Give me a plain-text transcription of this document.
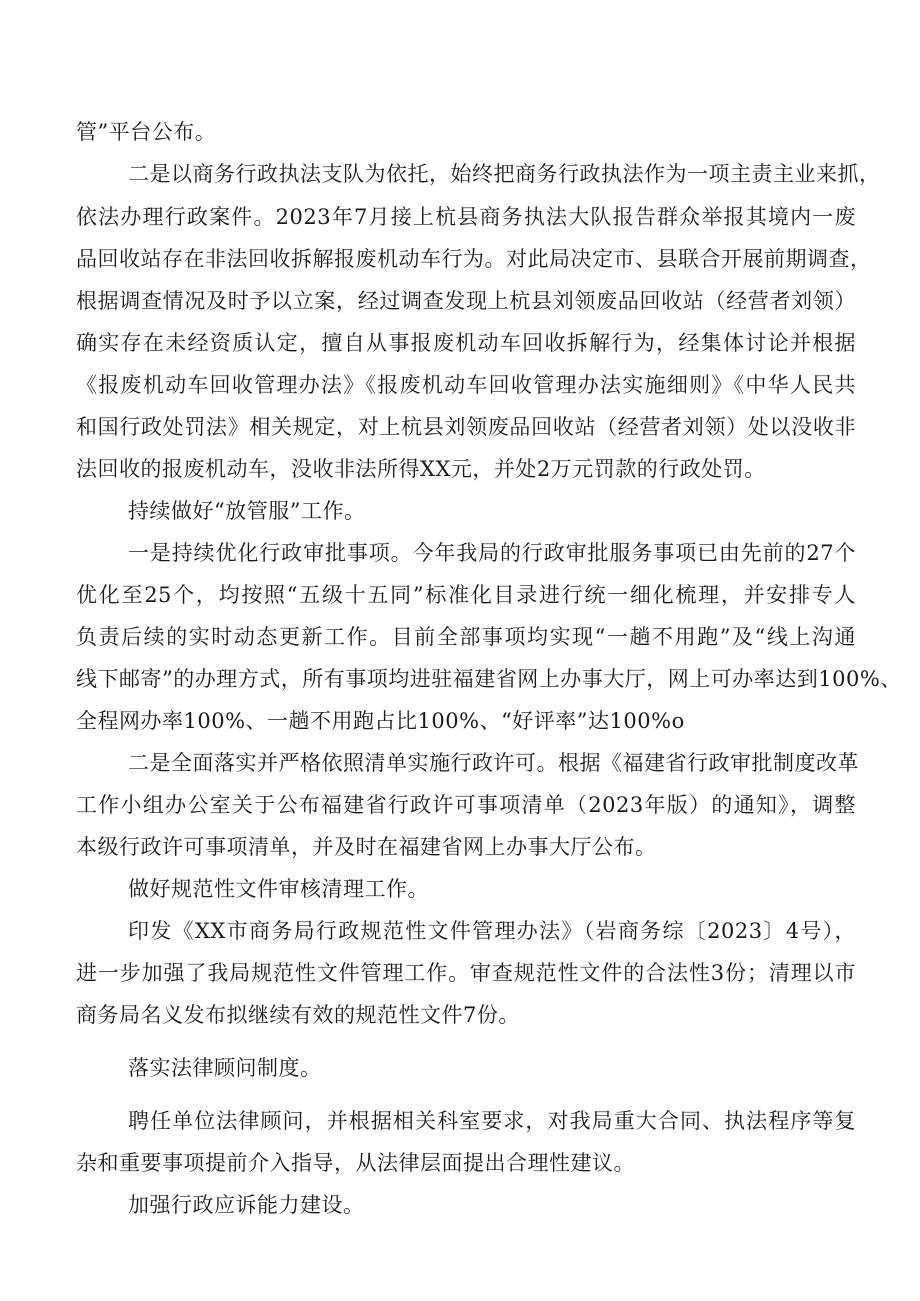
管”平台公布。
二是以商务行政执法支队为依托，始终把商务行政执法作为一项主责主业来抓，
依法办理行政案件。2023年7月接上杭县商务执法大队报告群众举报其境内一废
品回收站存在非法回收拆解报废机动车行为。对此局决定市、县联合开展前期调查，
根据调查情况及时予以立案，经过调查发现上杭县刘领废品回收站（经营者刘领）
确实存在未经资质认定，擅自从事报废机动车回收拆解行为，经集体讨论并根据
《报废机动车回收管理办法》《报废机动车回收管理办法实施细则》《中华人民共
和国行政处罚法》相关规定，对上杭县刘领废品回收站（经营者刘领）处以没收非
法回收的报废机动车，没收非法所得XX元，并处2万元罚款的行政处罚。
持续做好“放管服”工作。
一是持续优化行政审批事项。今年我局的行政审批服务事项已由先前的27个
优化至25个，均按照“五级十五同”标准化目录进行统一细化梳理，并安排专人
负责后续的实时动态更新工作。目前全部事项均实现“一趟不用跑”及“线上沟通
线下邮寄”的办理方式，所有事项均进驻福建省网上办事大厅，网上可办率达到100%、
全程网办率100%、一趟不用跑占比100%、“好评率”达100%o
二是全面落实并严格依照清单实施行政许可。根据《福建省行政审批制度改革
工作小组办公室关于公布福建省行政许可事项清单（2023年版）的通知》，调整
本级行政许可事项清单，并及时在福建省网上办事大厅公布。
做好规范性文件审核清理工作。
印发《XX市商务局行政规范性文件管理办法》（岩商务综〔2023〕4号），
进一步加强了我局规范性文件管理工作。审查规范性文件的合法性3份；清理以市
商务局名义发布拟继续有效的规范性文件7份。
落实法律顾问制度。
聘任单位法律顾问，并根据相关科室要求，对我局重大合同、执法程序等复
杂和重要事项提前介入指导，从法律层面提出合理性建议。
加强行政应诉能力建设。
